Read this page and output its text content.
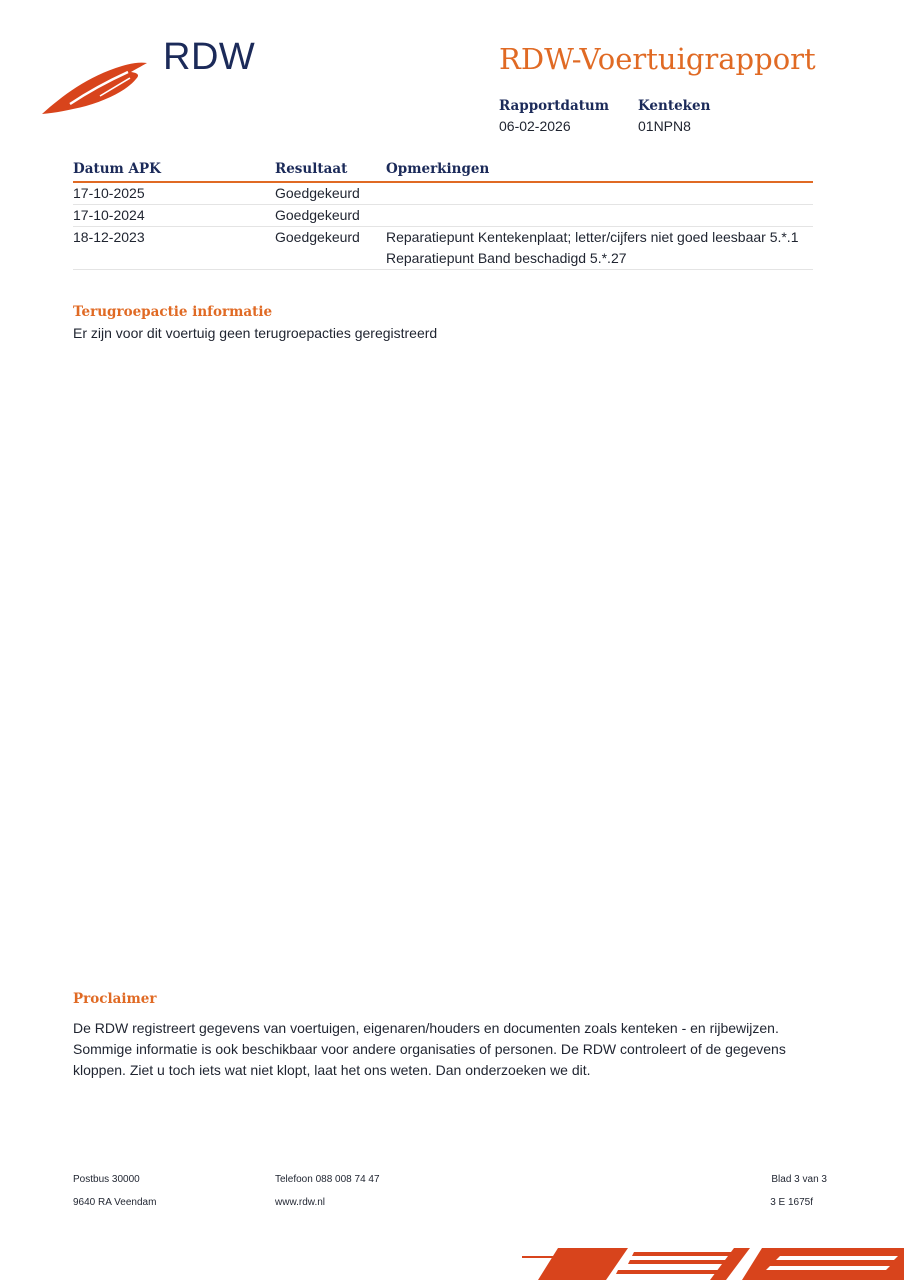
RDW	RDW-Voertuigrapport
Rapportdatum
06-02-2026
Kenteken
01NPN8
Datum APK	Resultaat	Opmerkingen
17-10-2025	Goedgekeurd
17-10-2024	Goedgekeurd
18-12-2023	Goedgekeurd	Reparatiepunt Kentekenplaat; letter/cijfers niet goed leesbaar 5.*.1
Reparatiepunt Band beschadigd 5.*.27
Terugroepactie informatie
Er zijn voor dit voertuig geen terugroepacties geregistreerd
Proclaimer
De RDW registreert gegevens van voertuigen, eigenaren/houders en documenten zoals kenteken - en rijbewijzen.
Sommige informatie is ook beschikbaar voor andere organisaties of personen. De RDW controleert of de gegevens
kloppen. Ziet u toch iets wat niet klopt, laat het ons weten. Dan onderzoeken we dit.
Postbus 30000
9640 RA Veendam
Telefoon 088 008 74 47
www.rdw.nl
Blad 3 van 3
3 E 1675f
